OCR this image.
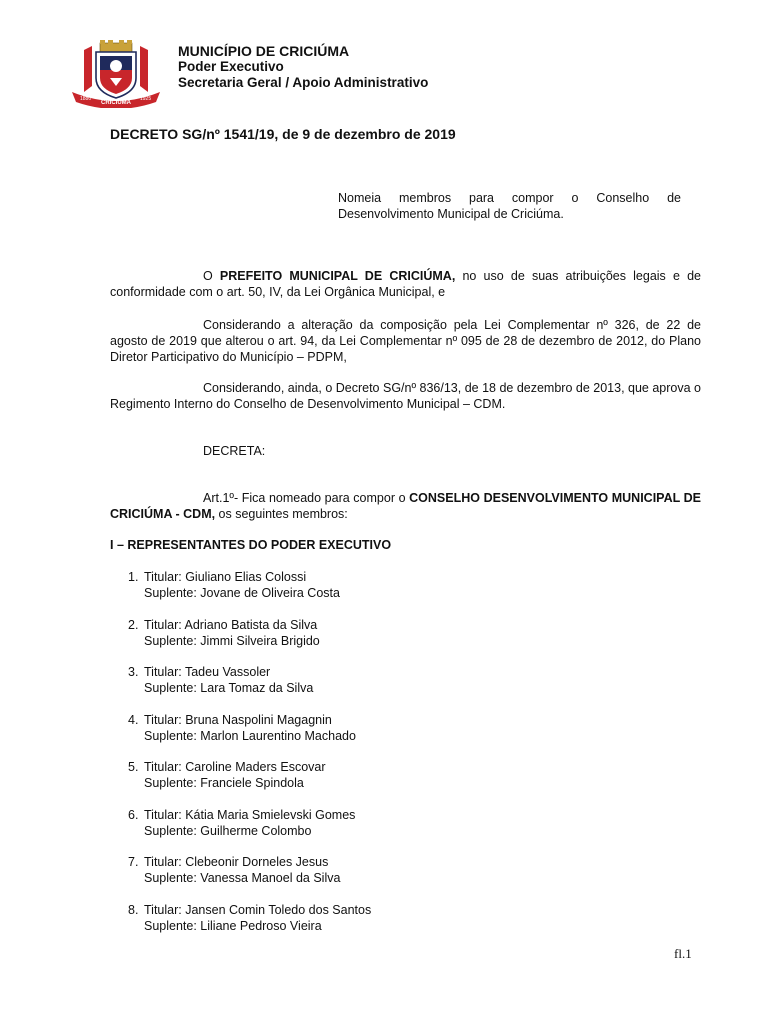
1880
CRICIÚMA
1925
MUNICÍPIO DE CRICIÚMA
Poder Executivo
Secretaria Geral / Apoio Administrativo
DECRETO SG/nº 1541/19, de 9 de dezembro de 2019
Nomeia membros para compor o Conselho de Desenvolvimento Municipal de Criciúma.
O PREFEITO MUNICIPAL DE CRICIÚMA, no uso de suas atribuições legais e de conformidade com o art. 50, IV, da Lei Orgânica Municipal, e
Considerando a alteração da composição pela Lei Complementar nº 326, de 22 de agosto de 2019 que alterou o art. 94, da Lei Complementar nº 095 de 28 de dezembro de 2012, do Plano Diretor Participativo do Município – PDPM,
Considerando, ainda, o Decreto SG/nº 836/13, de 18 de dezembro de 2013, que aprova o Regimento Interno do Conselho de Desenvolvimento Municipal – CDM.
DECRETA:
Art.1º- Fica nomeado para compor o CONSELHO DESENVOLVIMENTO MUNICIPAL DE CRICIÚMA - CDM, os seguintes membros:
I – REPRESENTANTES DO PODER EXECUTIVO
1. Titular: Giuliano Elias Colossi
Suplente: Jovane de Oliveira Costa
2. Titular: Adriano Batista da Silva
Suplente: Jimmi Silveira Brigido
3. Titular: Tadeu Vassoler
Suplente: Lara Tomaz da Silva
4. Titular: Bruna Naspolini Magagnin
Suplente: Marlon Laurentino Machado
5. Titular: Caroline Maders Escovar
Suplente: Franciele Spindola
6. Titular: Kátia Maria Smielevski Gomes
Suplente: Guilherme Colombo
7. Titular: Clebeonir Dorneles Jesus
Suplente: Vanessa Manoel da Silva
8. Titular: Jansen Comin Toledo dos Santos
Suplente: Liliane Pedroso Vieira
fl.1
